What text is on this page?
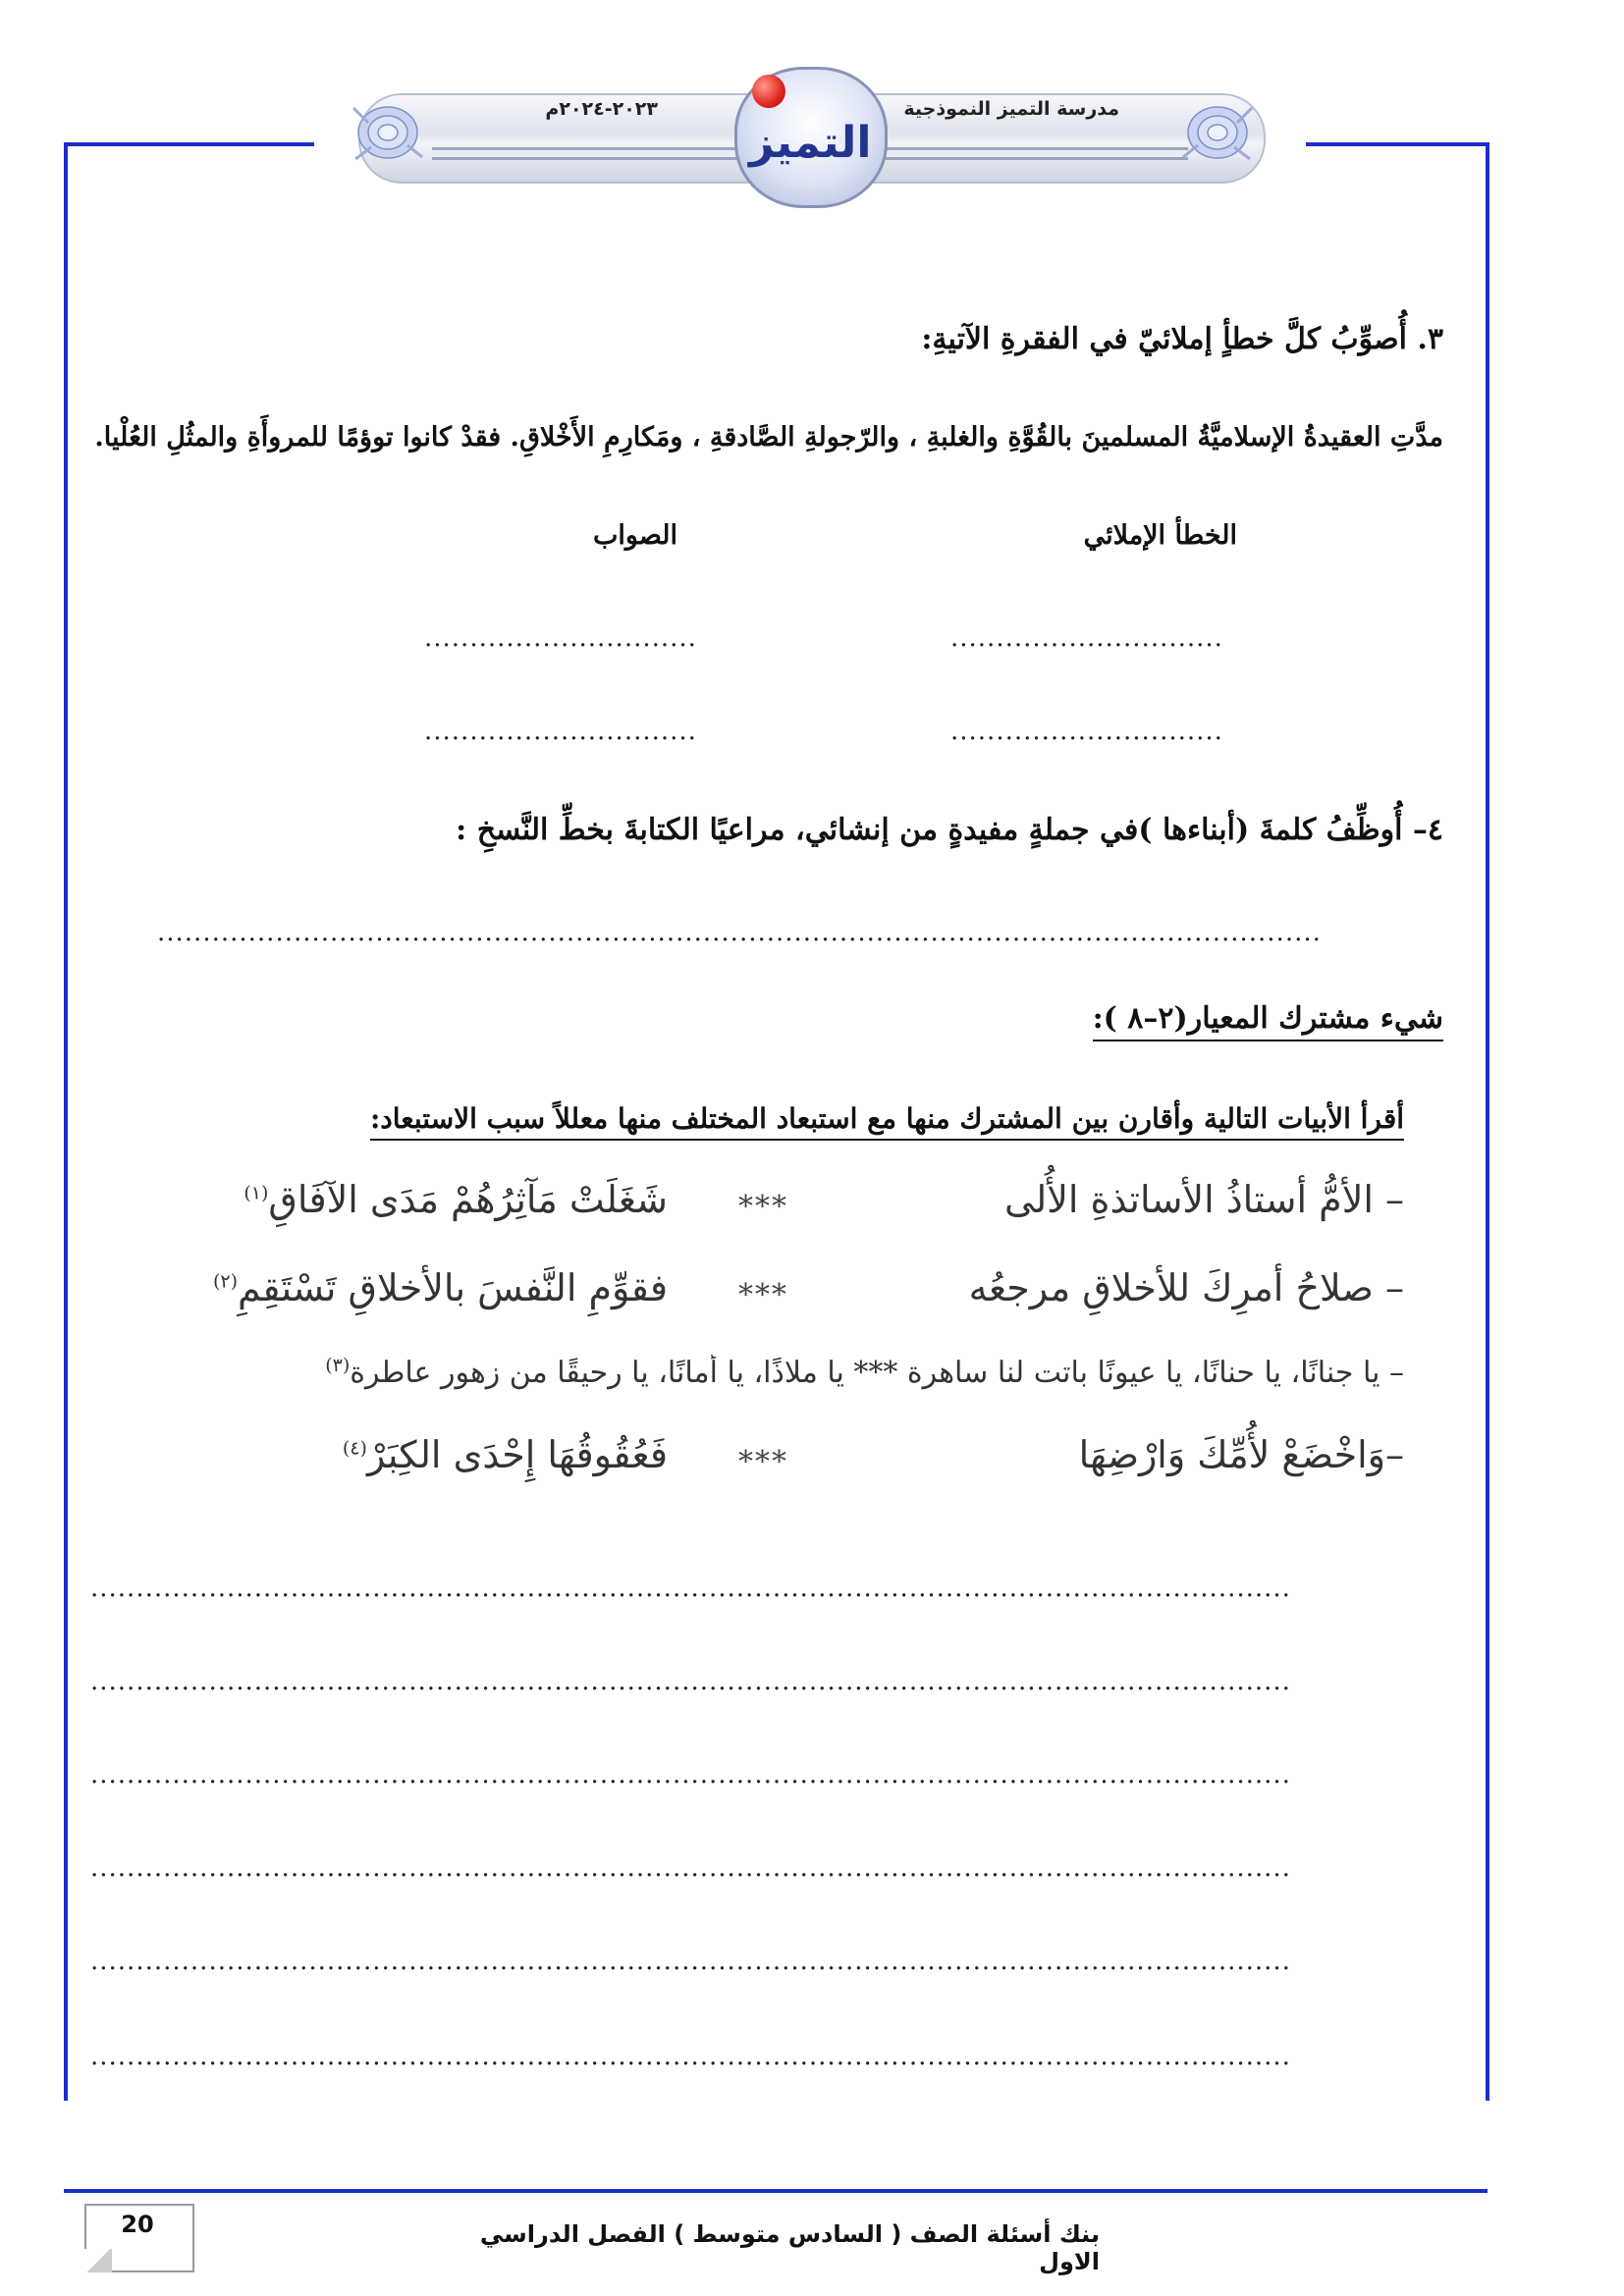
مدرسة التميز النموذجية
٢٠٢٣-٢٠٢٤م
التميز
٣. أُصوِّبُ كلَّ خطأٍ إملائيّ في الفقرةِ الآتيةِ:
مدَّتِ العقيدةُ الإسلاميَّةُ المسلمينَ بالقُوَّةِ والغلبةِ ، والرّجولةِ الصَّادقةِ ، ومَكارِمِ الأَخْلاقِ. فقدْ كانوا توؤمًا للمروأَةِ والمثُلِ العُلْيا.
الخطأ الإملائي
الصواب
..............................
..............................
..............................
..............................
٤– أُوظِّفُ كلمةَ (أبناءها )في جملةٍ مفيدةٍ من إنشائي، مراعيًا الكتابةَ بخطِّ النَّسخِ :
................................................................................................................................
شيء مشترك المعيار(٢–٨ ):
أقرأ الأبيات التالية وأقارن بين المشترك منها مع استبعاد المختلف منها معللاً سبب الاستبعاد:
– الأمُّ أستاذُ الأساتذةِ الأُلى
***
شَغَلَتْ مَآثِرُهُمْ مَدَى الآفَاقِ$^{(١)}$
– صلاحُ أمرِكَ للأخلاقِ مرجعُه
***
فقوِّمِ النَّفسَ بالأخلاقِ تَسْتَقِمِ$^{(٢)}$
– يا جنانًا، يا حنانًا، يا عيونًا باتت لنا ساهرة *** يا ملاذًا، يا أمانًا، يا رحيقًا من زهورٍ عاطرة$^{(٣)}$
–وَاخْضَعْ لأُمِّكَ وَارْضِهَا
***
فَعُقُوقُهَا إِحْدَى الكِبَرْ$^{(٤)}$
....................................................................................................................................
....................................................................................................................................
....................................................................................................................................
....................................................................................................................................
....................................................................................................................................
....................................................................................................................................
20	بنك أسئلة الصف ( السادس متوسط ) الفصل الدراسي الاول
